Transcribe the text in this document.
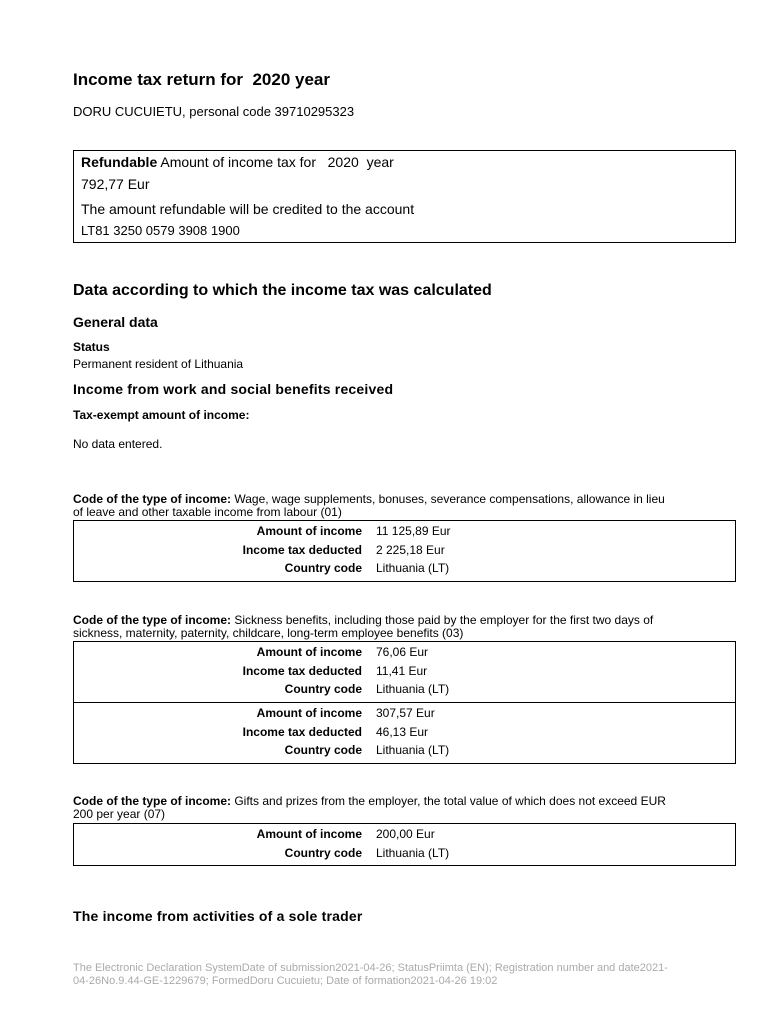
Income tax return for  2020 year
DORU CUCUIETU, personal code 39710295323
Refundable Amount of income tax for   2020  year
792,77 Eur
The amount refundable will be credited to the account
LT81 3250 0579 3908 1900
Data according to which the income tax was calculated
General data
Status
Permanent resident of Lithuania
Income from work and social benefits received
Tax-exempt amount of income:
No data entered.
Code of the type of income: Wage, wage supplements, bonuses, severance compensations, allowance in lieu of leave and other taxable income from labour (01)
Amount of income 11 125,89 Eur
Income tax deducted 2 225,18 Eur
Country code Lithuania (LT)
Code of the type of income: Sickness benefits, including those paid by the employer for the first two days of sickness, maternity, paternity, childcare, long-term employee benefits (03)
Amount of income 76,06 Eur
Income tax deducted 11,41 Eur
Country code Lithuania (LT)
Amount of income 307,57 Eur
Income tax deducted 46,13 Eur
Country code Lithuania (LT)
Code of the type of income: Gifts and prizes from the employer, the total value of which does not exceed EUR 200 per year (07)
Amount of income 200,00 Eur
Country code Lithuania (LT)
The income from activities of a sole trader
The Electronic Declaration SystemDate of submission2021-04-26; StatusPriimta (EN); Registration number and date2021-04-26No.9.44-GE-1229679; FormedDoru Cucuietu; Date of formation2021-04-26 19:02
